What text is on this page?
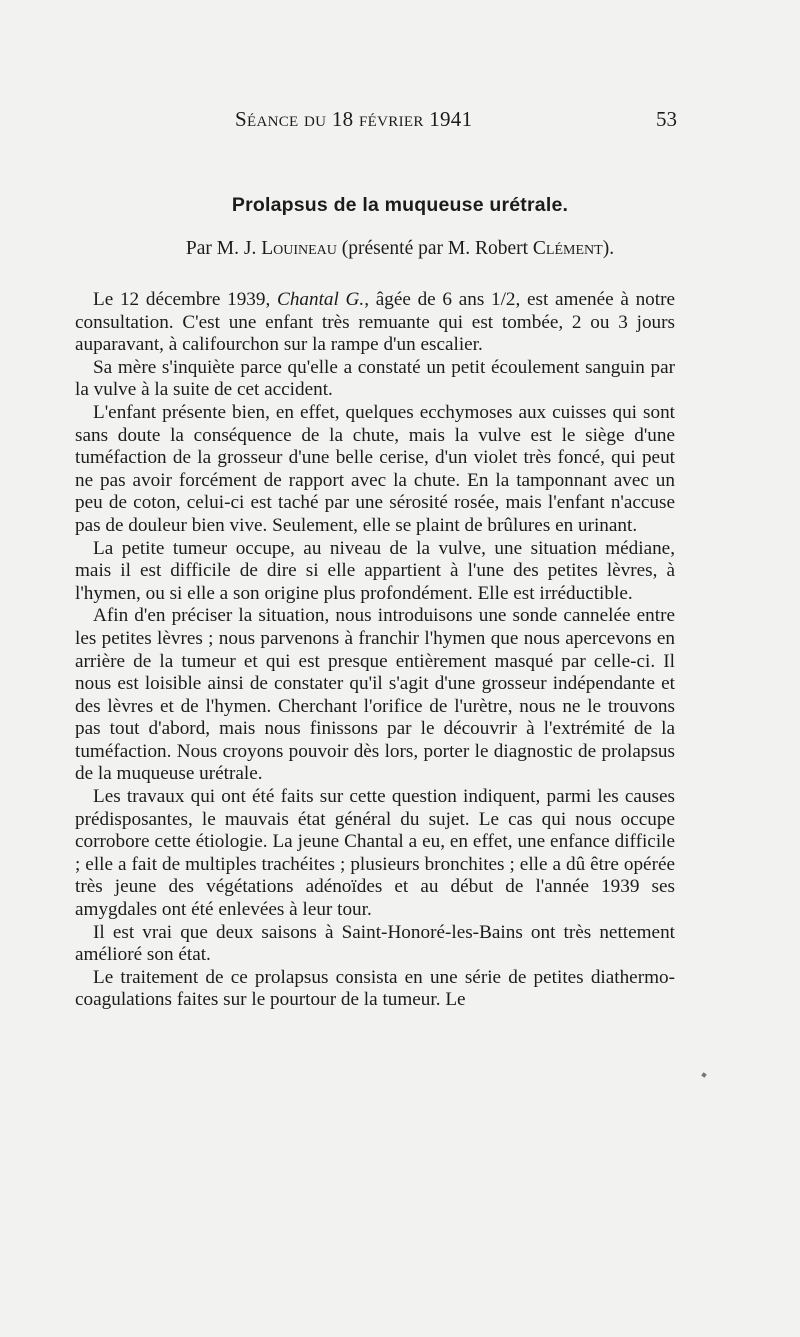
Séance du 18 février 1941	53
Prolapsus de la muqueuse urétrale.
Par M. J. Louineau (présenté par M. Robert Clément).

Le 12 décembre 1939, Chantal G., âgée de 6 ans 1/2, est amenée à notre consultation. C'est une enfant très remuante qui est tombée, 2 ou 3 jours auparavant, à califourchon sur la rampe d'un escalier.

Sa mère s'inquiète parce qu'elle a constaté un petit écoulement sanguin par la vulve à la suite de cet accident.

L'enfant présente bien, en effet, quelques ecchymoses aux cuisses qui sont sans doute la conséquence de la chute, mais la vulve est le siège d'une tuméfaction de la grosseur d'une belle cerise, d'un violet très foncé, qui peut ne pas avoir forcément de rapport avec la chute. En la tamponnant avec un peu de coton, celui-ci est taché par une sérosité rosée, mais l'enfant n'accuse pas de douleur bien vive. Seulement, elle se plaint de brûlures en urinant.

La petite tumeur occupe, au niveau de la vulve, une situation médiane, mais il est difficile de dire si elle appartient à l'une des petites lèvres, à l'hymen, ou si elle a son origine plus profondément. Elle est irréductible.

Afin d'en préciser la situation, nous introduisons une sonde cannelée entre les petites lèvres ; nous parvenons à franchir l'hymen que nous apercevons en arrière de la tumeur et qui est presque entièrement masqué par celle-ci. Il nous est loisible ainsi de constater qu'il s'agit d'une grosseur indépendante et des lèvres et de l'hymen. Cherchant l'orifice de l'urètre, nous ne le trouvons pas tout d'abord, mais nous finissons par le découvrir à l'extrémité de la tuméfaction. Nous croyons pouvoir dès lors, porter le diagnostic de prolapsus de la muqueuse urétrale.

Les travaux qui ont été faits sur cette question indiquent, parmi les causes prédisposantes, le mauvais état général du sujet. Le cas qui nous occupe corrobore cette étiologie. La jeune Chantal a eu, en effet, une enfance difficile ; elle a fait de multiples trachéites ; plusieurs bronchites ; elle a dû être opérée très jeune des végétations adénoïdes et au début de l'année 1939 ses amygdales ont été enlevées à leur tour.

Il est vrai que deux saisons à Saint-Honoré-les-Bains ont très nettement amélioré son état.

Le traitement de ce prolapsus consista en une série de petites diathermo-coagulations faites sur le pourtour de la tumeur. Le
